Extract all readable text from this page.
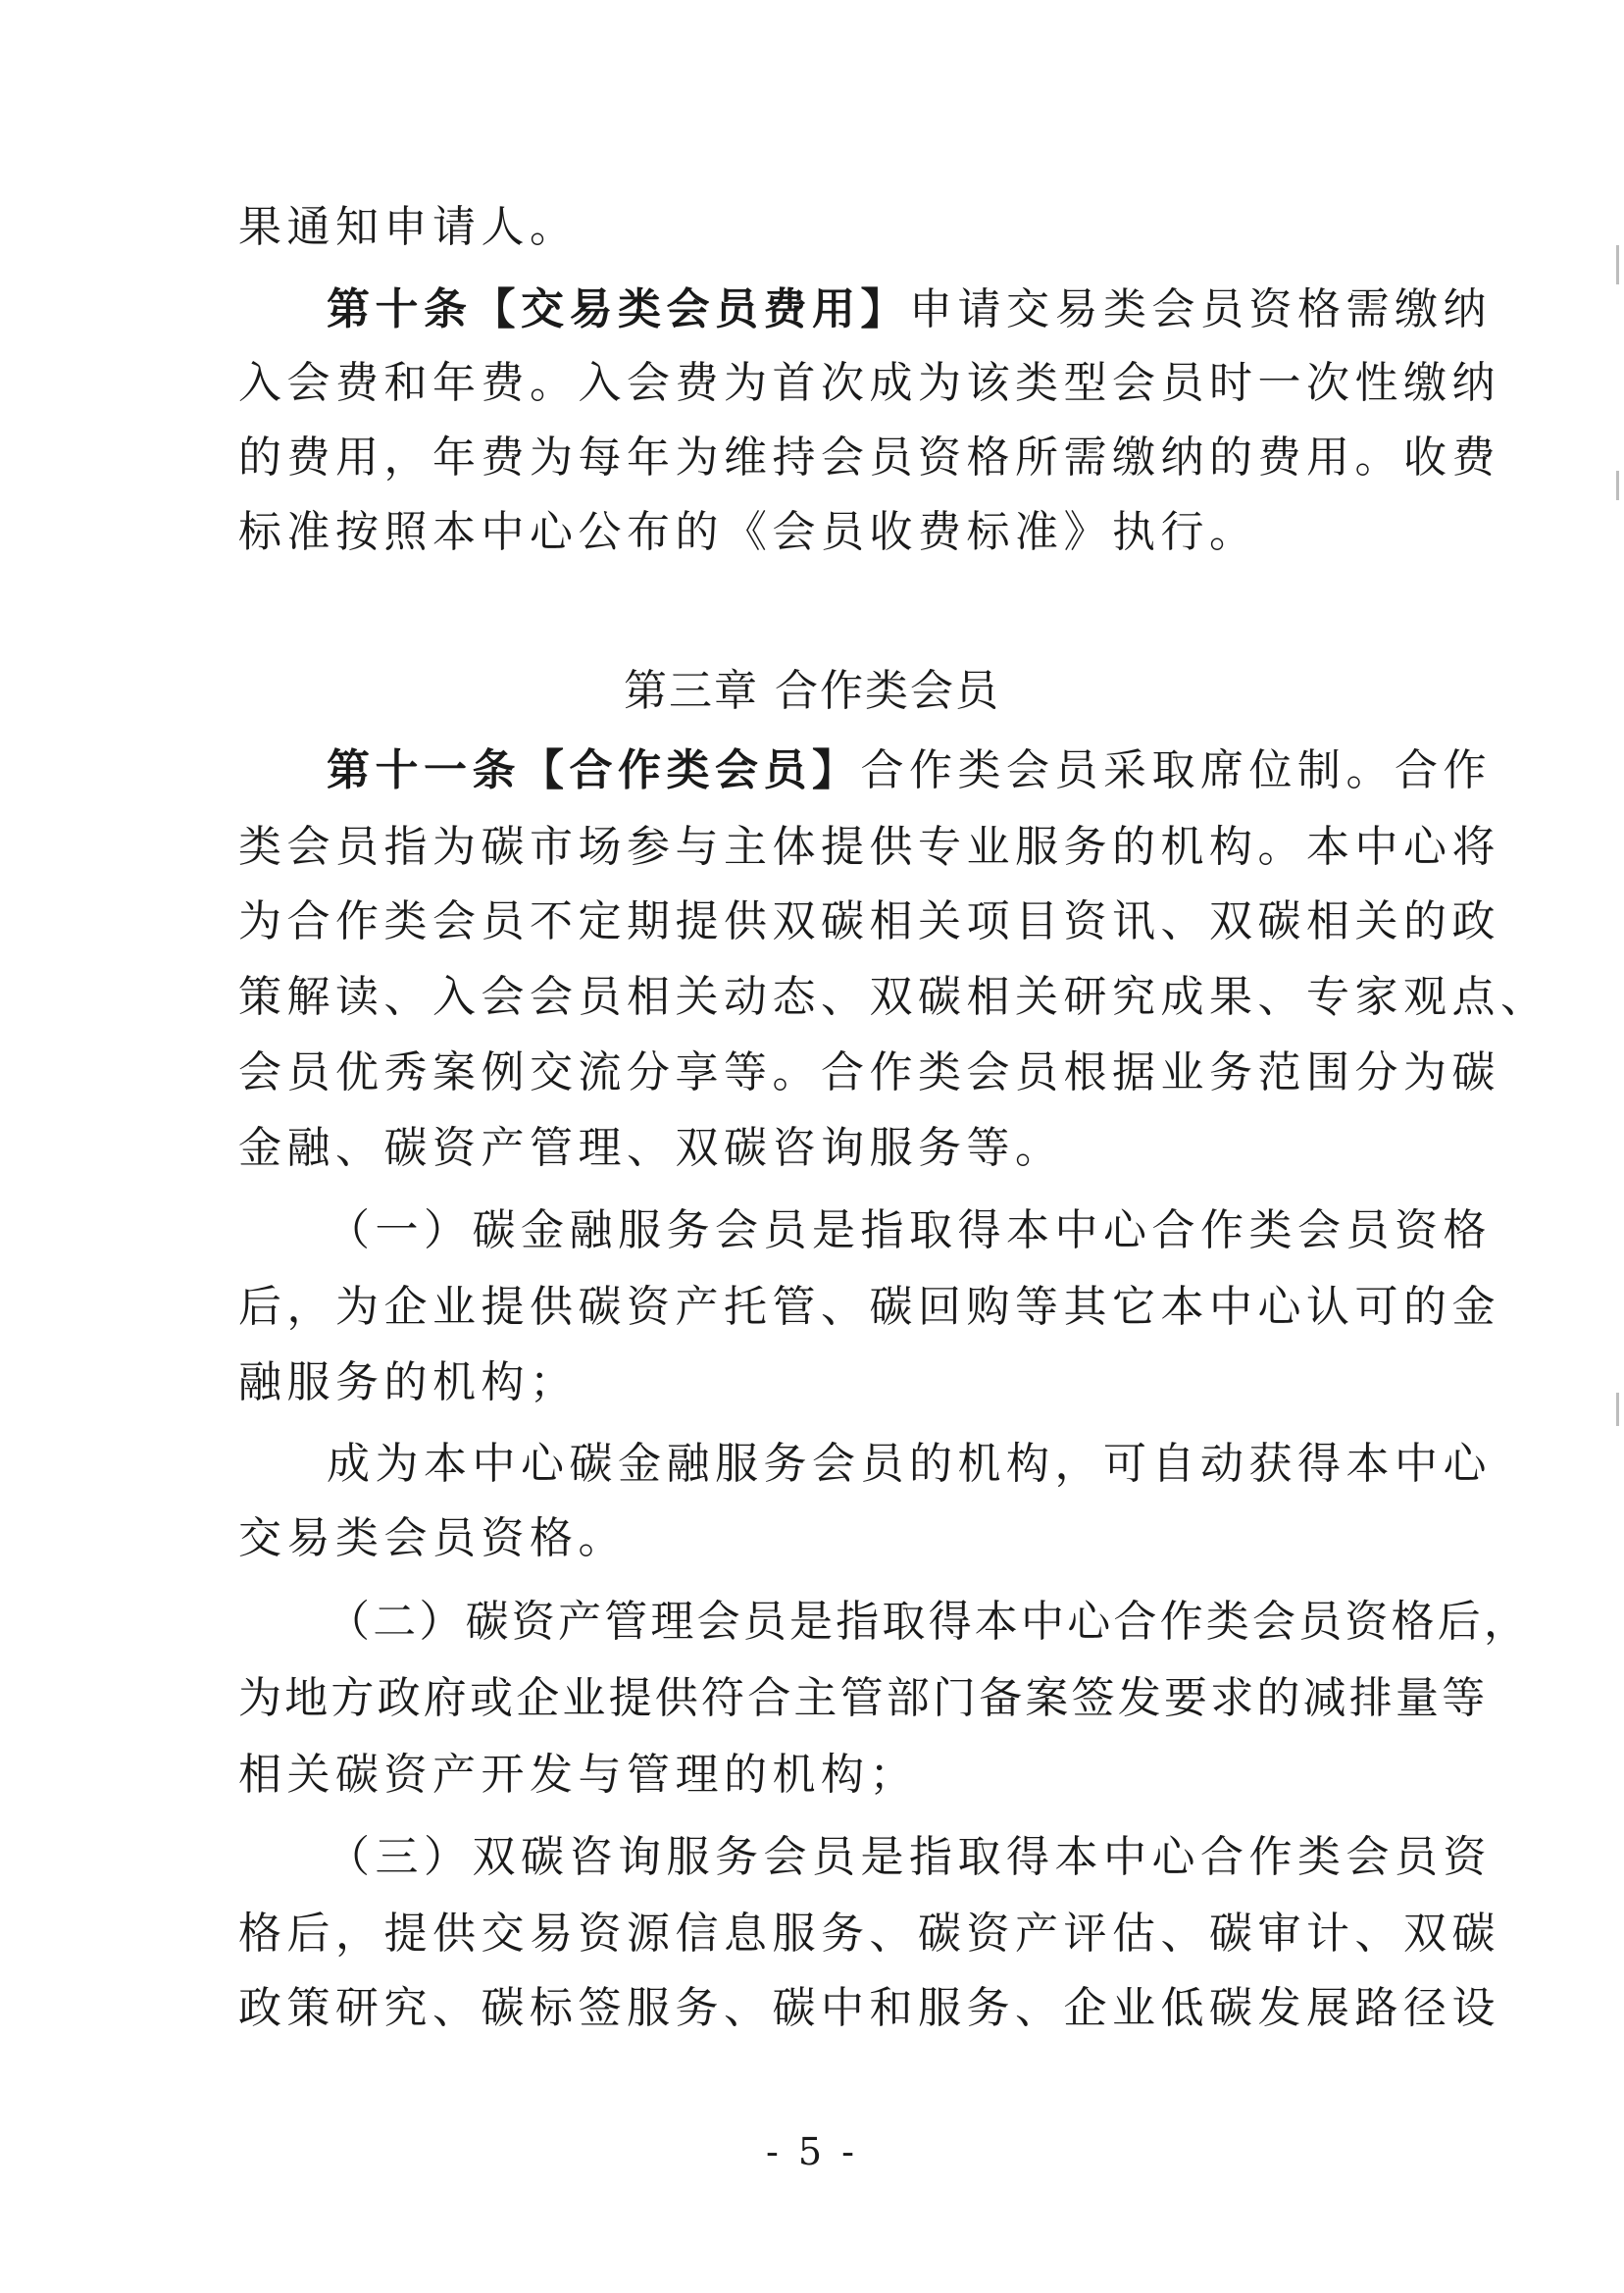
果通知申请人。
第十条【交易类会员费用】申请交易类会员资格需缴纳
入会费和年费。入会费为首次成为该类型会员时一次性缴纳
的费用，年费为每年为维持会员资格所需缴纳的费用。收费
标准按照本中心公布的《会员收费标准》执行。
第三章 合作类会员
第十一条【合作类会员】合作类会员采取席位制。合作
类会员指为碳市场参与主体提供专业服务的机构。本中心将
为合作类会员不定期提供双碳相关项目资讯、双碳相关的政
策解读、入会会员相关动态、双碳相关研究成果、专家观点、
会员优秀案例交流分享等。合作类会员根据业务范围分为碳
金融、碳资产管理、双碳咨询服务等。
（一）碳金融服务会员是指取得本中心合作类会员资格
后，为企业提供碳资产托管、碳回购等其它本中心认可的金
融服务的机构；
成为本中心碳金融服务会员的机构，可自动获得本中心
交易类会员资格。
（二）碳资产管理会员是指取得本中心合作类会员资格后，
为地方政府或企业提供符合主管部门备案签发要求的减排量等
相关碳资产开发与管理的机构；
（三）双碳咨询服务会员是指取得本中心合作类会员资
格后，提供交易资源信息服务、碳资产评估、碳审计、双碳
政策研究、碳标签服务、碳中和服务、企业低碳发展路径设
- 5 -
